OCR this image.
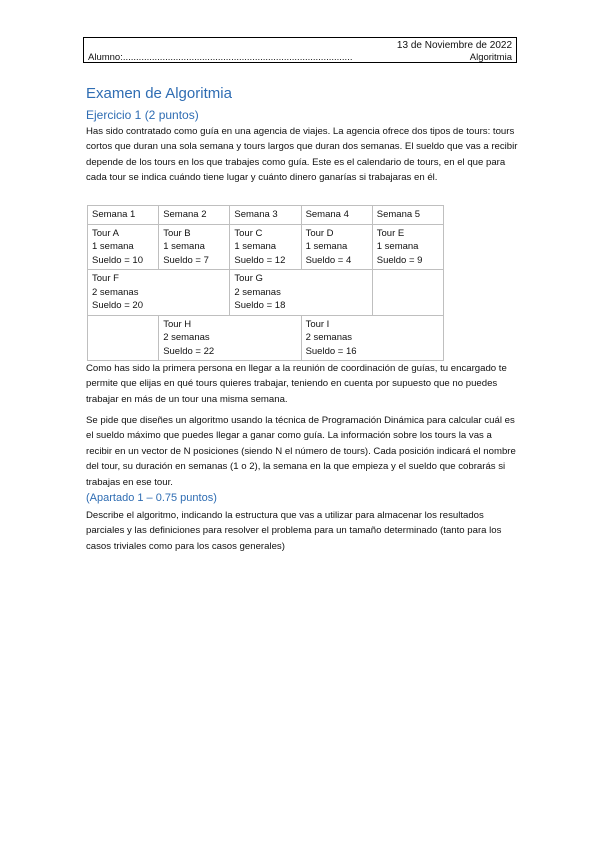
13 de Noviembre de 2022
Alumno:.......................................................................................	Algoritmia
Examen de Algoritmia
Ejercicio 1 (2 puntos)

Has sido contratado como guía en una agencia de viajes. La agencia ofrece dos tipos de tours: tours cortos que duran una sola semana y tours largos que duran dos semanas. El sueldo que vas a recibir depende de los tours en los que trabajes como guía. Este es el calendario de tours, en el que para cada tour se indica cuándo tiene lugar y cuánto dinero ganarías si trabajaras en él.

Semana 1	Semana 2	Semana 3	Semana 4	Semana 5

Tour A
1 semana
Sueldo = 10	Tour B
1 semana
Sueldo = 7	Tour C
1 semana
Sueldo = 12	Tour D
1 semana
Sueldo = 4	Tour E
1 semana
Sueldo = 9

Tour F
2 semanas
Sueldo = 20		Tour G
2 semanas
Sueldo = 18		

	Tour H
2 semanas
Sueldo = 22		Tour I
2 semanas
Sueldo = 16	

Como has sido la primera persona en llegar a la reunión de coordinación de guías, tu encargado te permite que elijas en qué tours quieres trabajar, teniendo en cuenta por supuesto que no puedes trabajar en más de un tour una misma semana.

Se pide que diseñes un algoritmo usando la técnica de Programación Dinámica para calcular cuál es el sueldo máximo que puedes llegar a ganar como guía. La información sobre los tours la vas a recibir en un vector de N posiciones (siendo N el número de tours). Cada posición indicará el nombre del tour, su duración en semanas (1 o 2), la semana en la que empieza y el sueldo que cobrarás si trabajas en ese tour.

(Apartado 1 – 0.75 puntos)

Describe el algoritmo, indicando la estructura que vas a utilizar para almacenar los resultados parciales y las definiciones para resolver el problema para un tamaño determinado (tanto para los casos triviales como para los casos generales)
